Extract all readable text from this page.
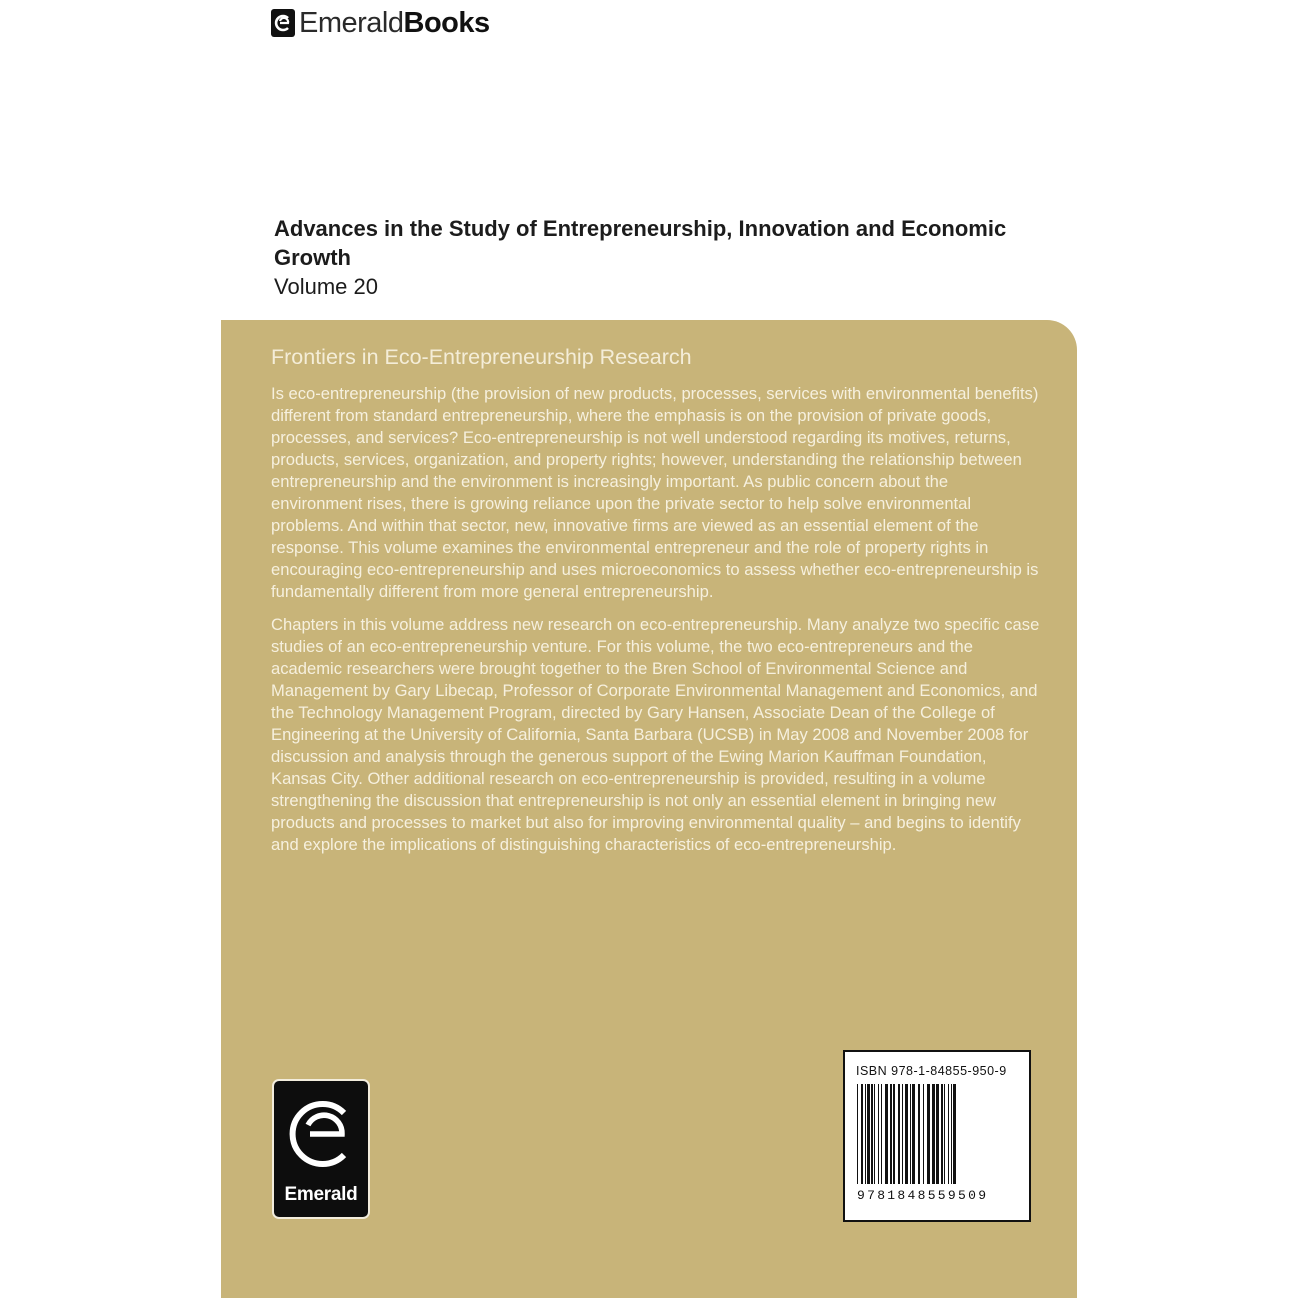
Emerald Books
Advances in the Study of Entrepreneurship, Innovation and Economic Growth
Volume 20
Frontiers in Eco-Entrepreneurship Research

Is eco-entrepreneurship (the provision of new products, processes, services with environmental benefits) different from standard entrepreneurship, where the emphasis is on the provision of private goods, processes, and services? Eco-entrepreneurship is not well understood regarding its motives, returns, products, services, organization, and property rights; however, understanding the relationship between entrepreneurship and the environment is increasingly important. As public concern about the environment rises, there is growing reliance upon the private sector to help solve environmental problems. And within that sector, new, innovative firms are viewed as an essential element of the response. This volume examines the environmental entrepreneur and the role of property rights in encouraging eco-entrepreneurship and uses microeconomics to assess whether eco-entrepreneurship is fundamentally different from more general entrepreneurship.

Chapters in this volume address new research on eco-entrepreneurship. Many analyze two specific case studies of an eco-entrepreneurship venture. For this volume, the two eco-entrepreneurs and the academic researchers were brought together to the Bren School of Environmental Science and Management by Gary Libecap, Professor of Corporate Environmental Management and Economics, and the Technology Management Program, directed by Gary Hansen, Associate Dean of the College of Engineering at the University of California, Santa Barbara (UCSB) in May 2008 and November 2008 for discussion and analysis through the generous support of the Ewing Marion Kauffman Foundation, Kansas City. Other additional research on eco-entrepreneurship is provided, resulting in a volume strengthening the discussion that entrepreneurship is not only an essential element in bringing new products and processes to market but also for improving environmental quality – and begins to identify and explore the implications of distinguishing characteristics of eco-entrepreneurship.

Emerald
ISBN 978-1-84855-950-9
9781848559509
